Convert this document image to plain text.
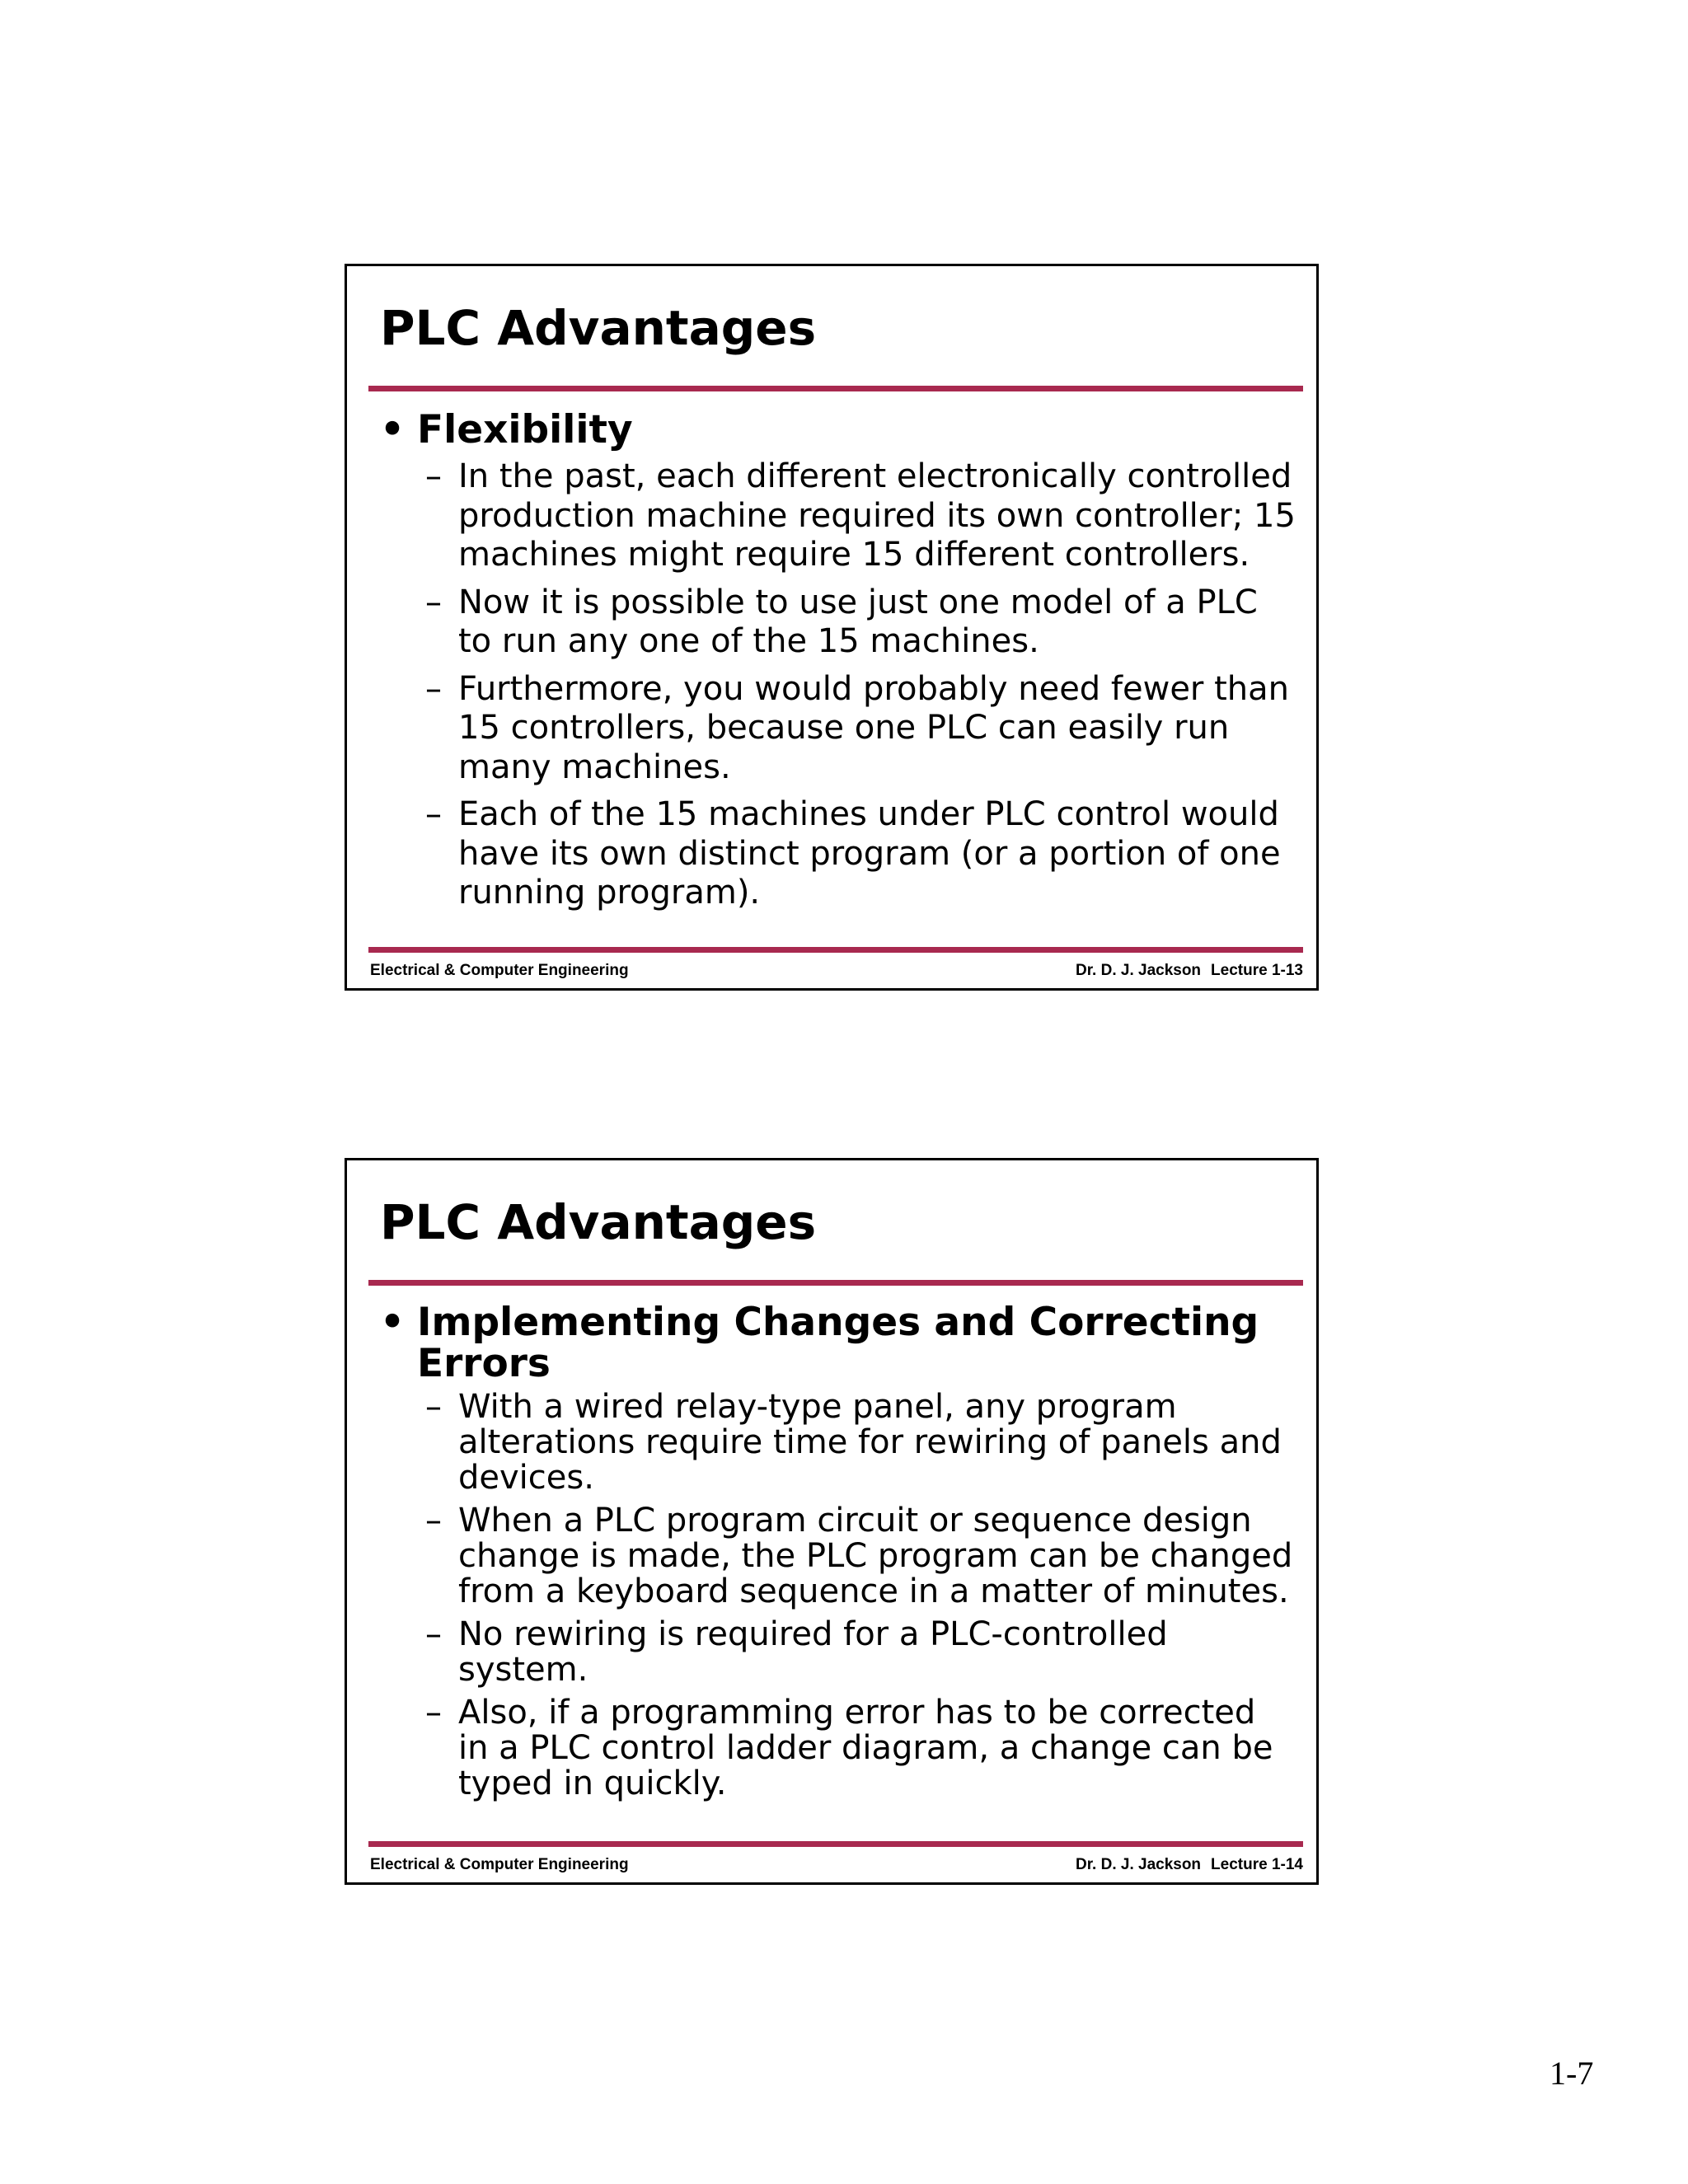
PLC Advantages
• Flexibility
– In the past, each different electronically controlled
production machine required its own controller; 15
machines might require 15 different controllers.
– Now it is possible to use just one model of a PLC
to run any one of the 15 machines.
– Furthermore, you would probably need fewer than
15 controllers, because one PLC can easily run
many machines.
– Each of the 15 machines under PLC control would
have its own distinct program (or a portion of one
running program).
Electrical & Computer Engineering	Dr. D. J. Jackson Lecture 1-13
PLC Advantages
• Implementing Changes and Correcting
Errors
– With a wired relay-type panel, any program
alterations require time for rewiring of panels and
devices.
– When a PLC program circuit or sequence design
change is made, the PLC program can be changed
from a keyboard sequence in a matter of minutes.
– No rewiring is required for a PLC-controlled
system.
– Also, if a programming error has to be corrected
in a PLC control ladder diagram, a change can be
typed in quickly.
Electrical & Computer Engineering	Dr. D. J. Jackson Lecture 1-14
1-7
